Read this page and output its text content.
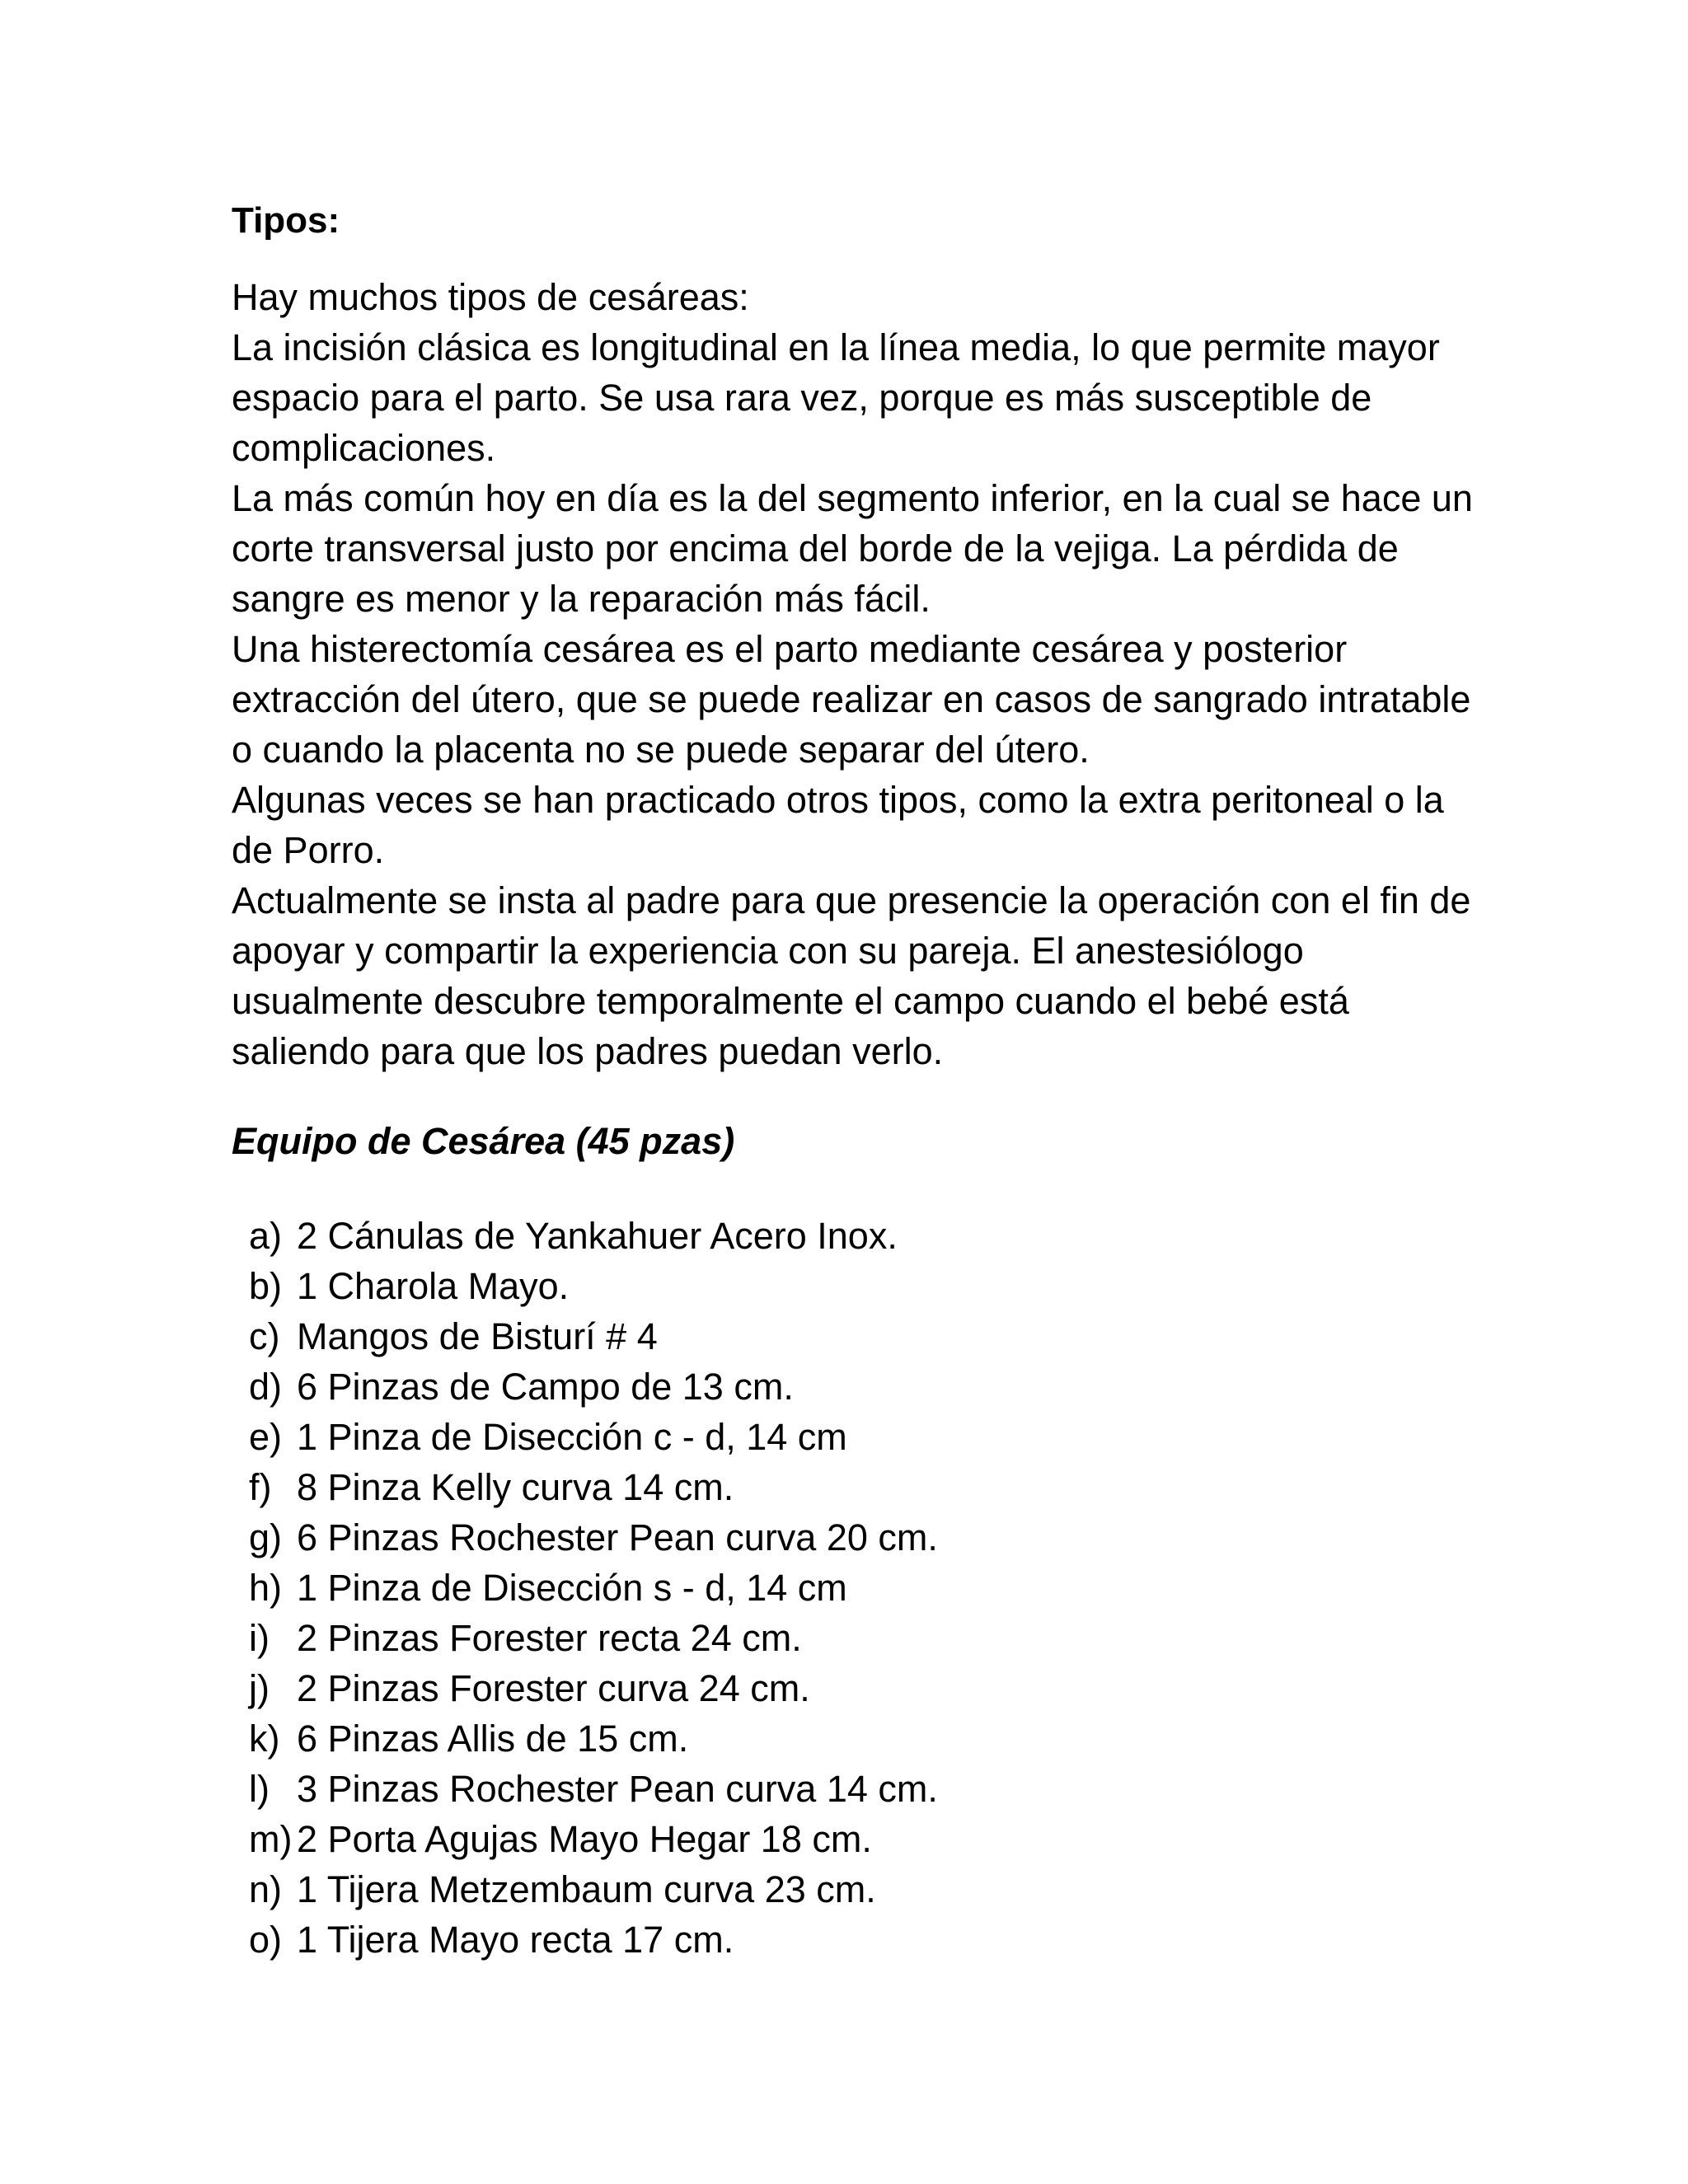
Tipos:
Hay muchos tipos de cesáreas:
La incisión clásica es longitudinal en la línea media, lo que permite mayor
espacio para el parto. Se usa rara vez, porque es más susceptible de
complicaciones.
La más común hoy en día es la del segmento inferior, en la cual se hace un
corte transversal justo por encima del borde de la vejiga. La pérdida de
sangre es menor y la reparación más fácil.
Una histerectomía cesárea es el parto mediante cesárea y posterior
extracción del útero, que se puede realizar en casos de sangrado intratable
o cuando la placenta no se puede separar del útero.
Algunas veces se han practicado otros tipos, como la extra peritoneal o la
de Porro.
Actualmente se insta al padre para que presencie la operación con el fin de
apoyar y compartir la experiencia con su pareja. El anestesiólogo
usualmente descubre temporalmente el campo cuando el bebé está
saliendo para que los padres puedan verlo.
Equipo de Cesárea (45 pzas)
a) 2 Cánulas de Yankahuer Acero Inox.
b) 1 Charola Mayo.
c) Mangos de Bisturí # 4
d) 6 Pinzas de Campo de 13 cm.
e) 1 Pinza de Disección c - d, 14 cm
f) 8 Pinza Kelly curva 14 cm.
g) 6 Pinzas Rochester Pean curva 20 cm.
h) 1 Pinza de Disección s - d, 14 cm
i) 2 Pinzas Forester recta 24 cm.
j) 2 Pinzas Forester curva 24 cm.
k) 6 Pinzas Allis de 15 cm.
l) 3 Pinzas Rochester Pean curva 14 cm.
m) 2 Porta Agujas Mayo Hegar 18 cm.
n) 1 Tijera Metzembaum curva 23 cm.
o) 1 Tijera Mayo recta 17 cm.
